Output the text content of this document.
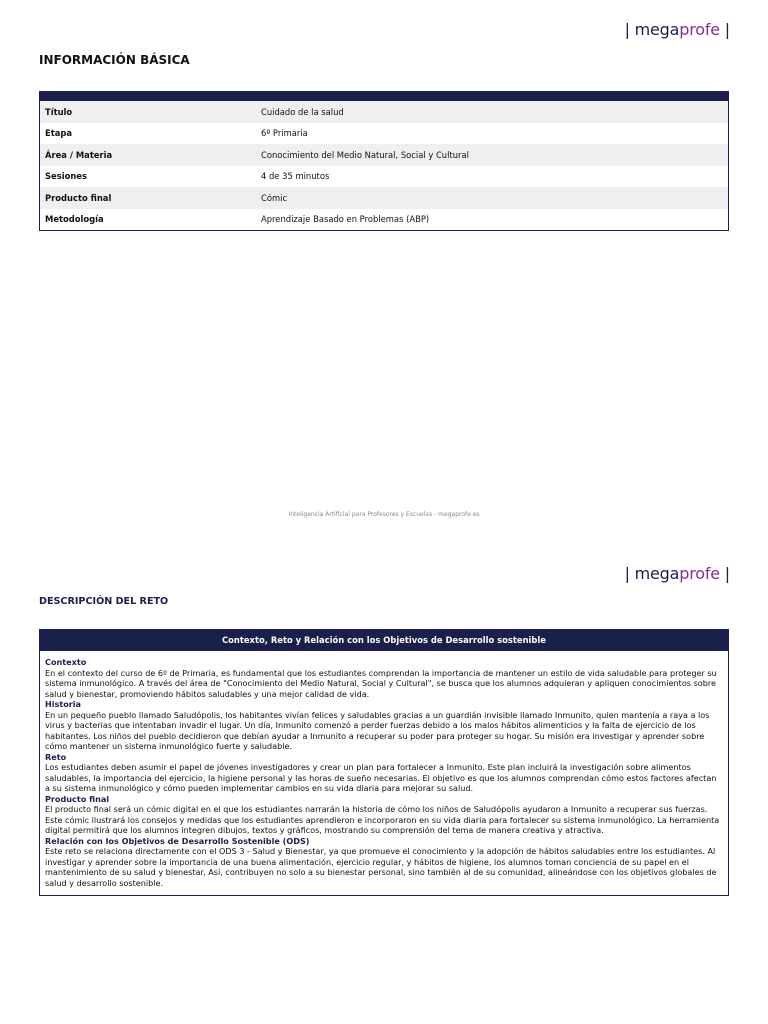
| megaprofe |
INFORMACIÓN BÁSICA
Título	Cuidado de la salud
Etapa	6º Primaria
Área / Materia	Conocimiento del Medio Natural, Social y Cultural
Sesiones	4 de 35 minutos
Producto final	Cómic
Metodología	Aprendizaje Basado en Problemas (ABP)
Inteligencia Artificial para Profesores y Escuelas - megaprofe.es
| megaprofe |
DESCRIPCIÓN DEL RETO
Contexto, Reto y Relación con los Objetivos de Desarrollo sostenible
Contexto

En el contexto del curso de 6º de Primaria, es fundamental que los estudiantes comprendan la importancia de mantener un estilo de vida saludable para proteger su sistema inmunológico. A través del área de "Conocimiento del Medio Natural, Social y Cultural", se busca que los alumnos adquieran y apliquen conocimientos sobre salud y bienestar, promoviendo hábitos saludables y una mejor calidad de vida.

Historia

En un pequeño pueblo llamado Saludópolis, los habitantes vivían felices y saludables gracias a un guardián invisible llamado Inmunito, quien mantenía a raya a los virus y bacterias que intentaban invadir el lugar. Un día, Inmunito comenzó a perder fuerzas debido a los malos hábitos alimenticios y la falta de ejercicio de los habitantes. Los niños del pueblo decidieron que debían ayudar a Inmunito a recuperar su poder para proteger su hogar. Su misión era investigar y aprender sobre cómo mantener un sistema inmunológico fuerte y saludable.

Reto

Los estudiantes deben asumir el papel de jóvenes investigadores y crear un plan para fortalecer a Inmunito. Este plan incluirá la investigación sobre alimentos saludables, la importancia del ejercicio, la higiene personal y las horas de sueño necesarias. El objetivo es que los alumnos comprendan cómo estos factores afectan a su sistema inmunológico y cómo pueden implementar cambios en su vida diaria para mejorar su salud.

Producto final

El producto final será un cómic digital en el que los estudiantes narrarán la historia de cómo los niños de Saludópolis ayudaron a Inmunito a recuperar sus fuerzas. Este cómic ilustrará los consejos y medidas que los estudiantes aprendieron e incorporaron en su vida diaria para fortalecer su sistema inmunológico. La herramienta digital permitirá que los alumnos integren dibujos, textos y gráficos, mostrando su comprensión del tema de manera creativa y atractiva.

Relación con los Objetivos de Desarrollo Sostenible (ODS)

Este reto se relaciona directamente con el ODS 3 - Salud y Bienestar, ya que promueve el conocimiento y la adopción de hábitos saludables entre los estudiantes. Al investigar y aprender sobre la importancia de una buena alimentación, ejercicio regular, y hábitos de higiene, los alumnos toman conciencia de su papel en el mantenimiento de su salud y bienestar. Así, contribuyen no solo a su bienestar personal, sino también al de su comunidad, alineándose con los objetivos globales de salud y desarrollo sostenible.
